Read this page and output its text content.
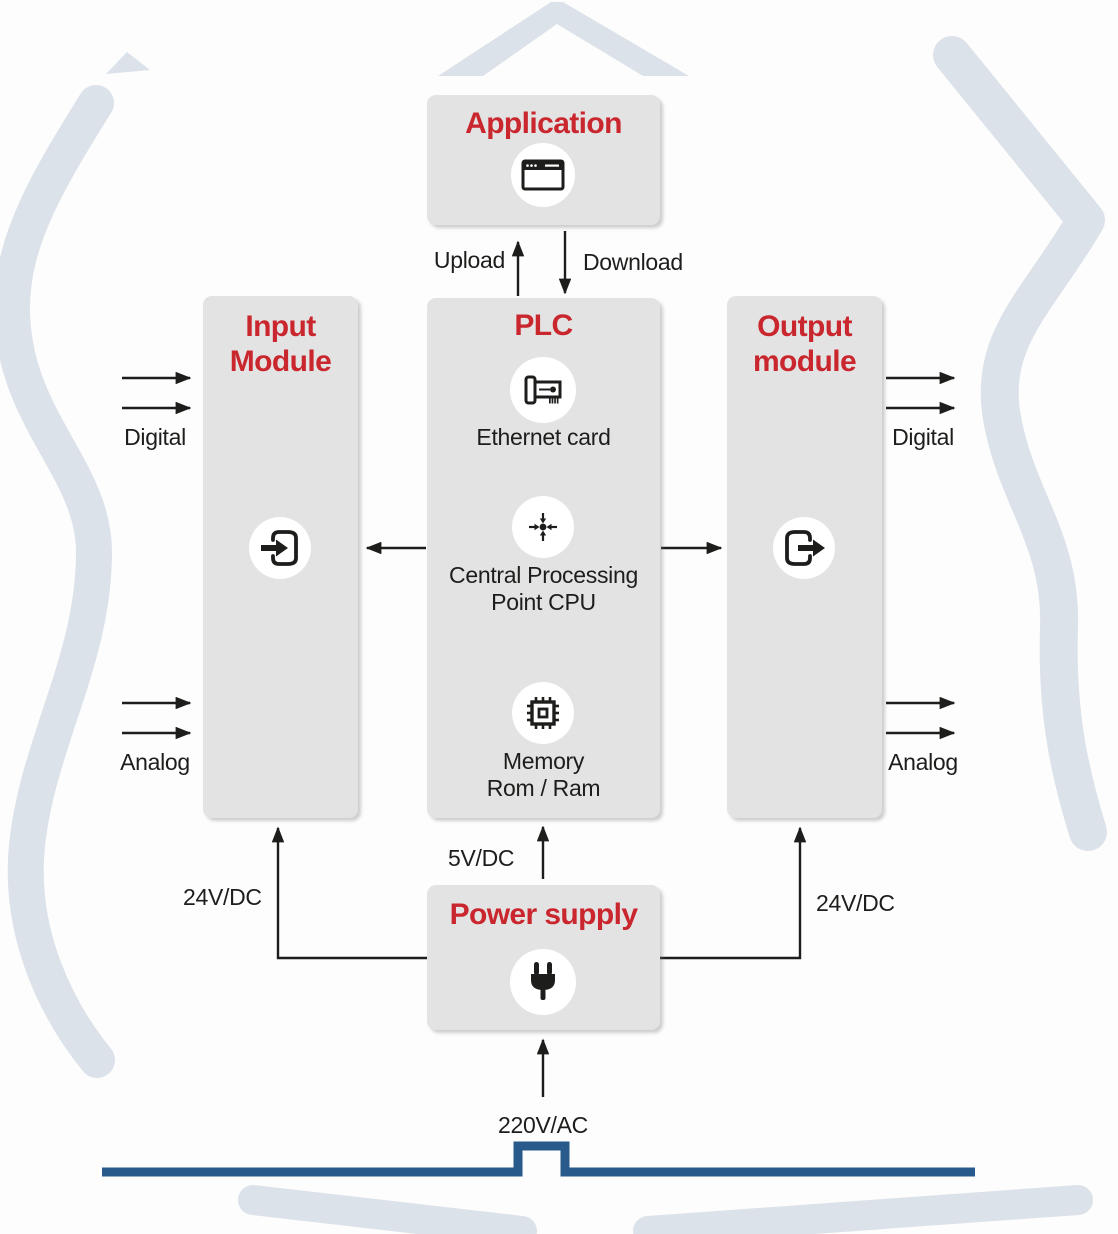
Application
PLC
Ethernet card
Central Processing
Point CPU
Memory
Rom / Ram
Input
Module
Output
module
Power supply
Upload	Download
Digital
Analog
Digital
Analog
24V/DC	24V/DC
5V/DC
220V/AC
